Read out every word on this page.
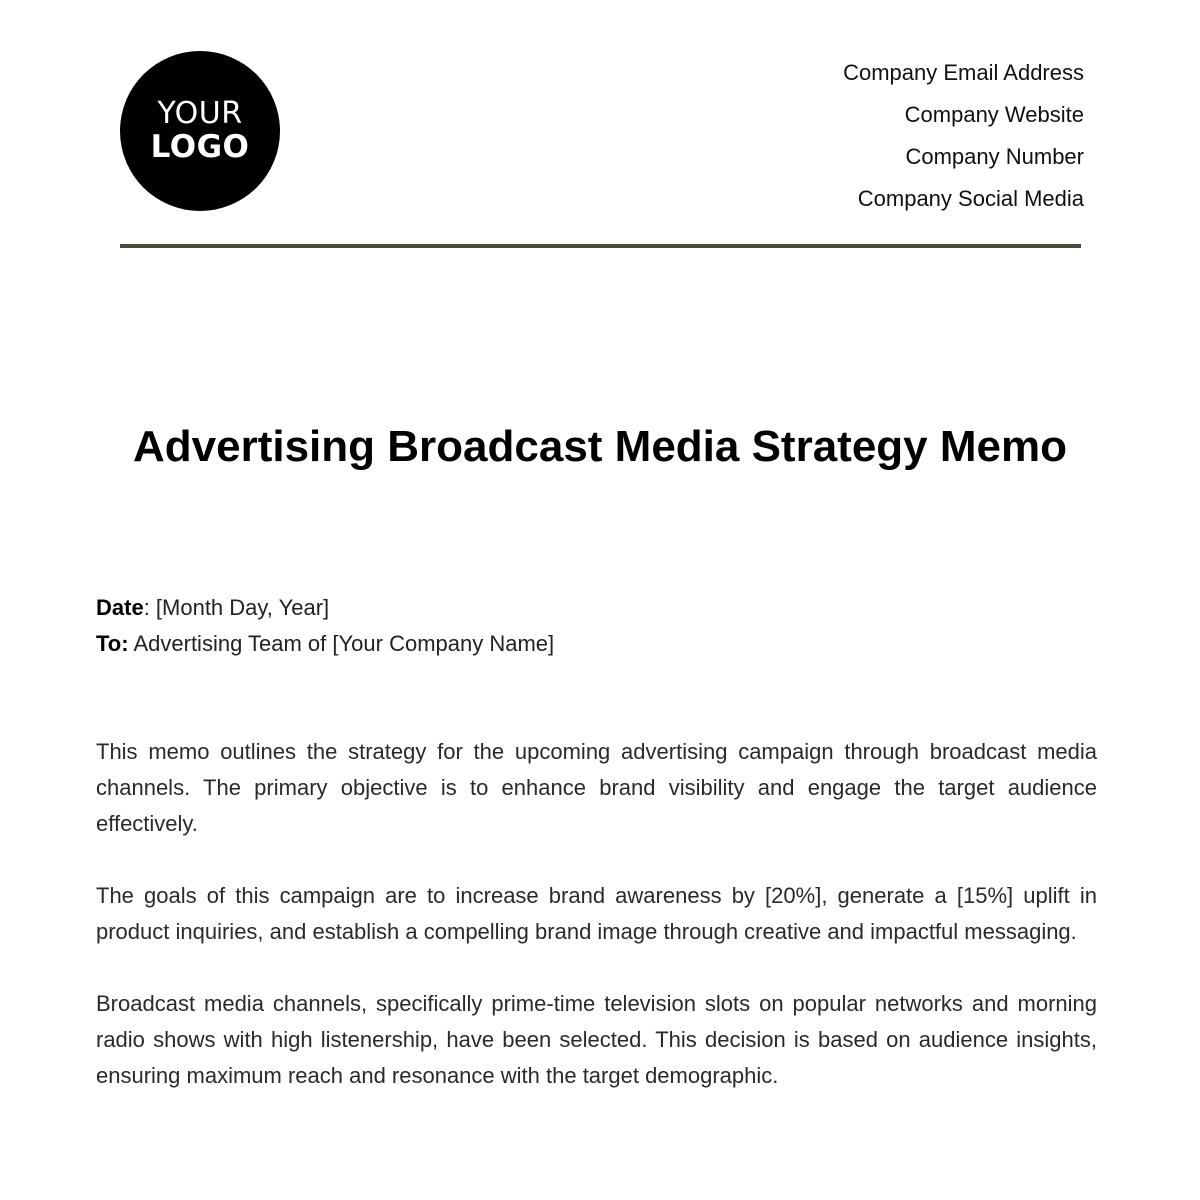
YOUR
LOGO
Company Email Address
Company Website
Company Number
Company Social Media
Advertising Broadcast Media Strategy Memo
Date: [Month Day, Year]
To: Advertising Team of [Your Company Name]

This memo outlines the strategy for the upcoming advertising campaign through broadcast media channels. The primary objective is to enhance brand visibility and engage the target audience effectively.

The goals of this campaign are to increase brand awareness by [20%], generate a [15%] uplift in product inquiries, and establish a compelling brand image through creative and impactful messaging.

Broadcast media channels, specifically prime-time television slots on popular networks and morning radio shows with high listenership, have been selected. This decision is based on audience insights, ensuring maximum reach and resonance with the target demographic.
